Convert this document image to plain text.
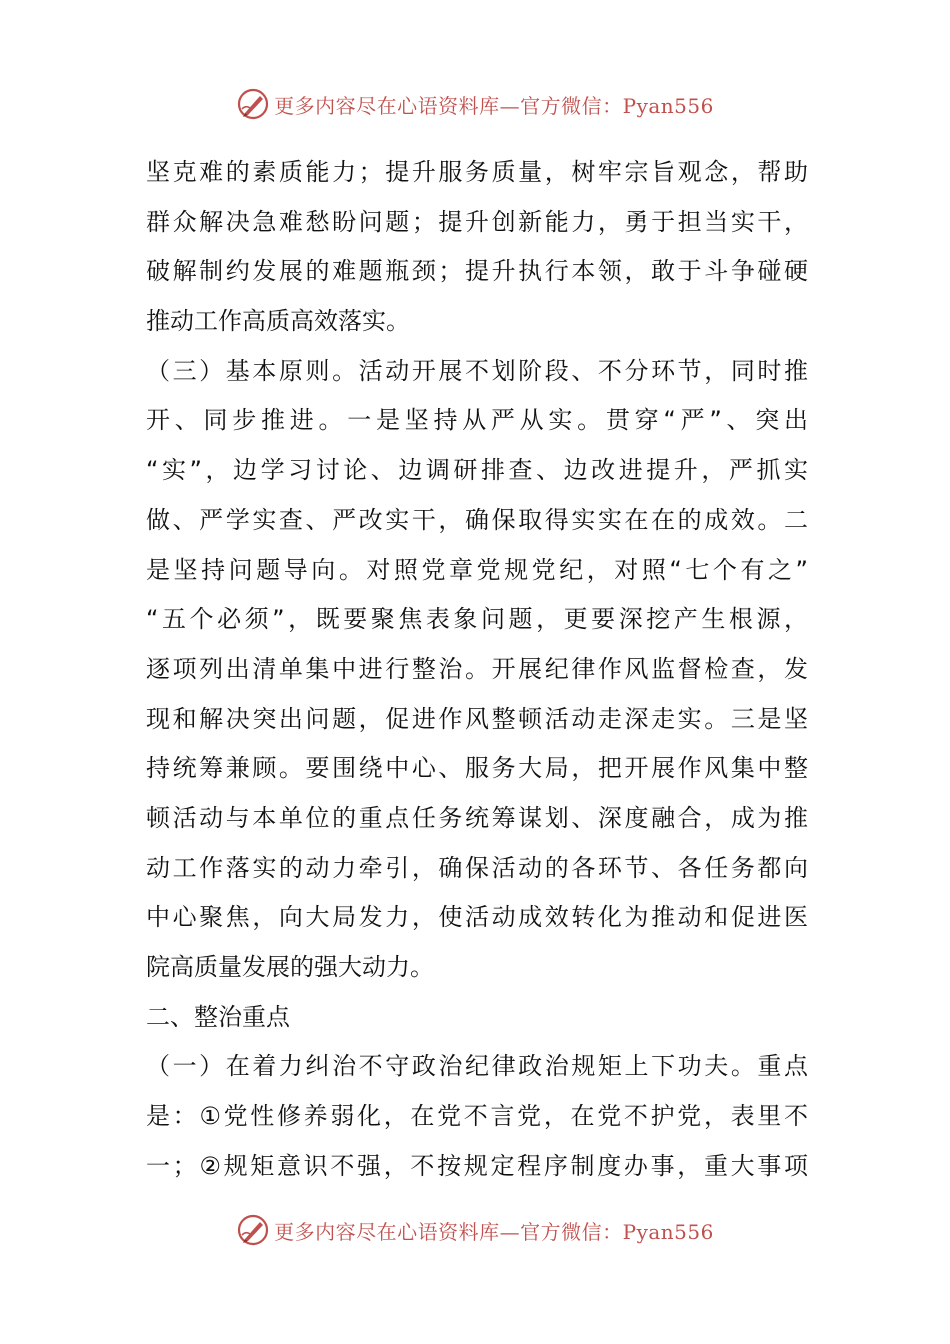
更多内容尽在心语资料库—官方微信：Pyan556
坚克难的素质能力；提升服务质量，树牢宗旨观念，帮助
群众解决急难愁盼问题；提升创新能力，勇于担当实干，
破解制约发展的难题瓶颈；提升执行本领，敢于斗争碰硬
推动工作高质高效落实。
（三）基本原则。活动开展不划阶段、不分环节，同时推
开、同步推进。一是坚持从严从实。贯穿“严”、突出
“实”，边学习讨论、边调研排查、边改进提升，严抓实
做、严学实查、严改实干，确保取得实实在在的成效。二
是坚持问题导向。对照党章党规党纪，对照“七个有之”
“五个必须”，既要聚焦表象问题，更要深挖产生根源，
逐项列出清单集中进行整治。开展纪律作风监督检查，发
现和解决突出问题，促进作风整顿活动走深走实。三是坚
持统筹兼顾。要围绕中心、服务大局，把开展作风集中整
顿活动与本单位的重点任务统筹谋划、深度融合，成为推
动工作落实的动力牵引，确保活动的各环节、各任务都向
中心聚焦，向大局发力，使活动成效转化为推动和促进医
院高质量发展的强大动力。
二、整治重点
（一）在着力纠治不守政治纪律政治规矩上下功夫。重点
是：①党性修养弱化，在党不言党，在党不护党，表里不
一；②规矩意识不强，不按规定程序制度办事，重大事项
更多内容尽在心语资料库—官方微信：Pyan556
